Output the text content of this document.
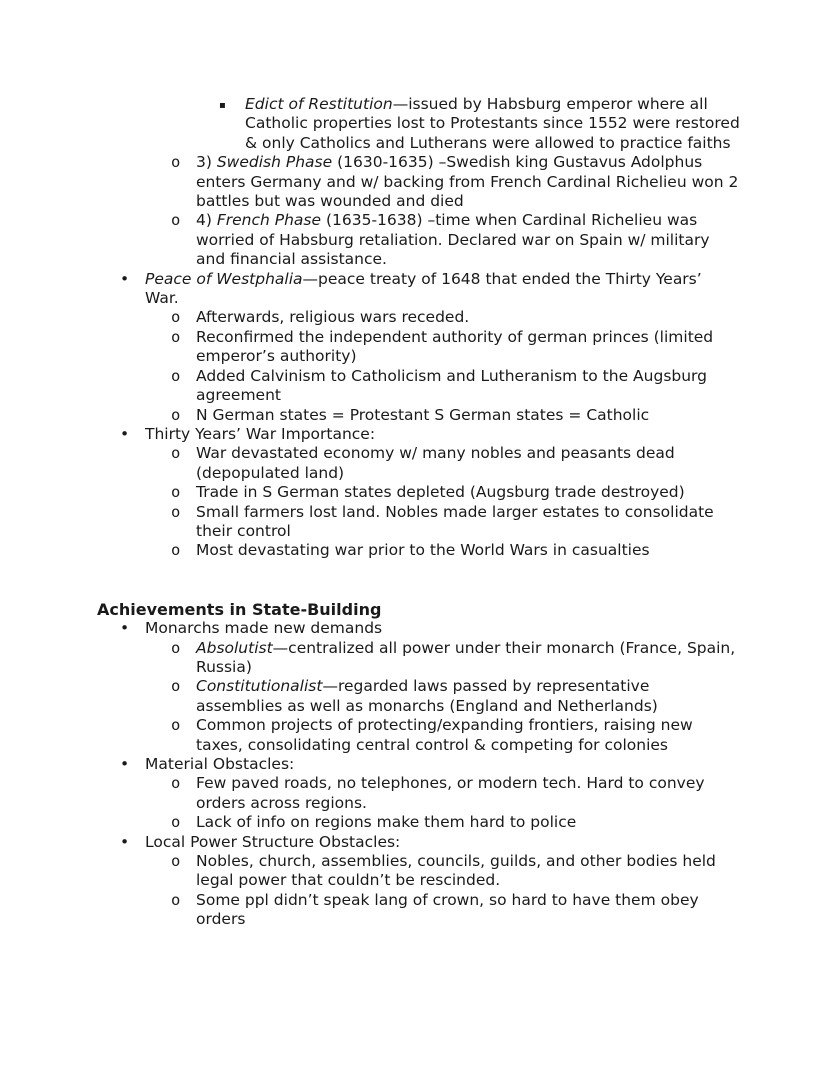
▪ Edict of Restitution—issued by Habsburg emperor where all Catholic properties lost to Protestants since 1552 were restored & only Catholics and Lutherans were allowed to practice faiths
o 3) Swedish Phase (1630-1635) –Swedish king Gustavus Adolphus enters Germany and w/ backing from French Cardinal Richelieu won 2 battles but was wounded and died
o 4) French Phase (1635-1638) –time when Cardinal Richelieu was worried of Habsburg retaliation. Declared war on Spain w/ military and financial assistance.
• Peace of Westphalia—peace treaty of 1648 that ended the Thirty Years’ War.
o Afterwards, religious wars receded.
o Reconfirmed the independent authority of german princes (limited emperor’s authority)
o Added Calvinism to Catholicism and Lutheranism to the Augsburg agreement
o N German states = Protestant S German states = Catholic
• Thirty Years’ War Importance:
o War devastated economy w/ many nobles and peasants dead (depopulated land)
o Trade in S German states depleted (Augsburg trade destroyed)
o Small farmers lost land. Nobles made larger estates to consolidate their control
o Most devastating war prior to the World Wars in casualties
Achievements in State-Building
• Monarchs made new demands
o Absolutist—centralized all power under their monarch (France, Spain, Russia)
o Constitutionalist—regarded laws passed by representative assemblies as well as monarchs (England and Netherlands)
o Common projects of protecting/expanding frontiers, raising new taxes, consolidating central control & competing for colonies
• Material Obstacles:
o Few paved roads, no telephones, or modern tech. Hard to convey orders across regions.
o Lack of info on regions make them hard to police
• Local Power Structure Obstacles:
o Nobles, church, assemblies, councils, guilds, and other bodies held legal power that couldn’t be rescinded.
o Some ppl didn’t speak lang of crown, so hard to have them obey orders
